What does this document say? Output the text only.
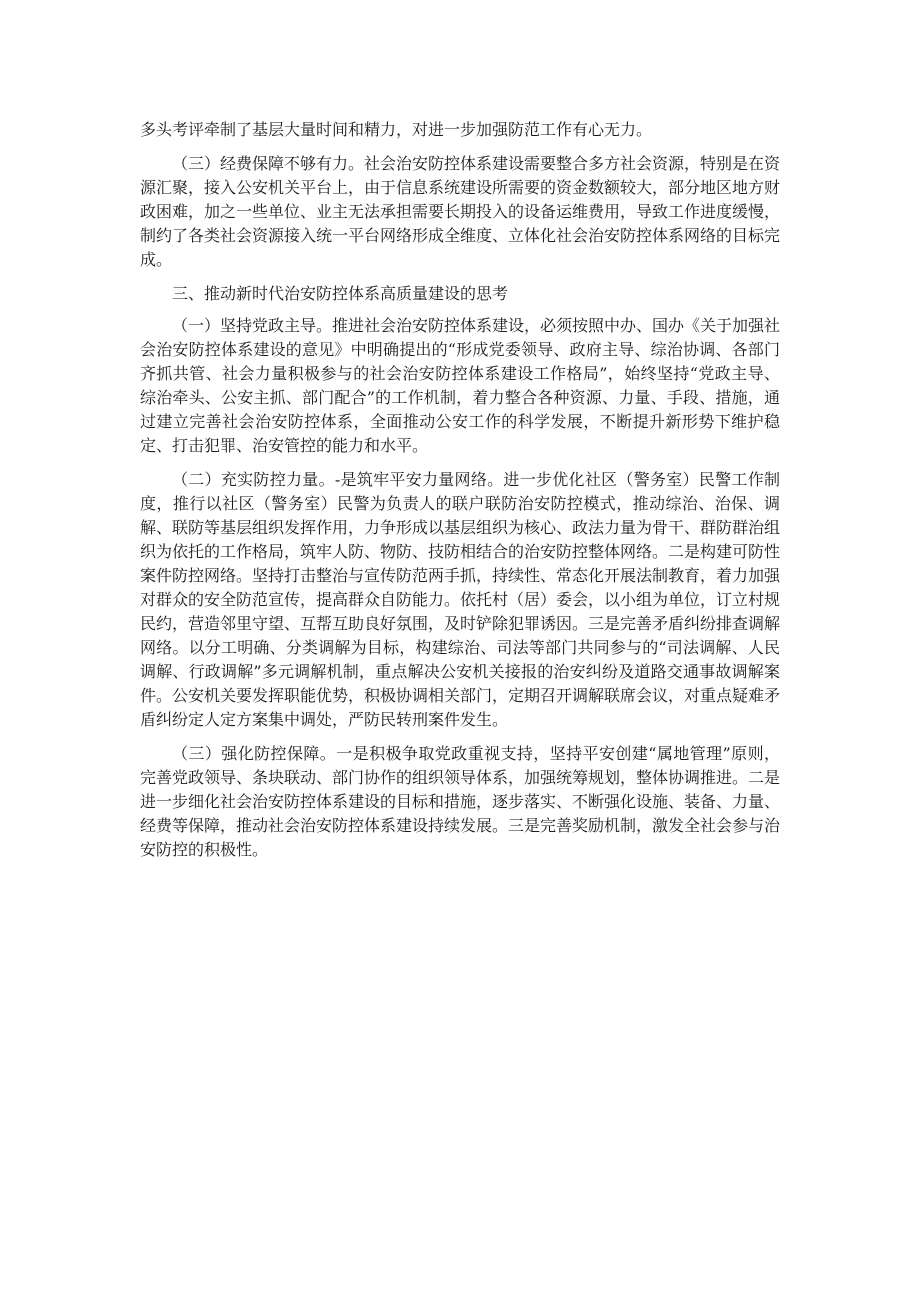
多头考评牵制了基层大量时间和精力，对进一步加强防范工作有心无力。

（三）经费保障不够有力。社会治安防控体系建设需要整合多方社会资源，特别是在资源汇聚，接入公安机关平台上，由于信息系统建设所需要的资金数额较大，部分地区地方财政困难，加之一些单位、业主无法承担需要长期投入的设备运维费用，导致工作进度缓慢，制约了各类社会资源接入统一平台网络形成全维度、立体化社会治安防控体系网络的目标完成。

三、推动新时代治安防控体系高质量建设的思考

（一）坚持党政主导。推进社会治安防控体系建设，必须按照中办、国办《关于加强社会治安防控体系建设的意见》中明确提出的“形成党委领导、政府主导、综治协调、各部门齐抓共管、社会力量积极参与的社会治安防控体系建设工作格局”，始终坚持“党政主导、综治牵头、公安主抓、部门配合”的工作机制，着力整合各种资源、力量、手段、措施，通过建立完善社会治安防控体系，全面推动公安工作的科学发展，不断提升新形势下维护稳定、打击犯罪、治安管控的能力和水平。

（二）充实防控力量。-是筑牢平安力量网络。进一步优化社区（警务室）民警工作制度，推行以社区（警务室）民警为负责人的联户联防治安防控模式，推动综治、治保、调解、联防等基层组织发挥作用，力争形成以基层组织为核心、政法力量为骨干、群防群治组织为依托的工作格局，筑牢人防、物防、技防相结合的治安防控整体网络。二是构建可防性案件防控网络。坚持打击整治与宣传防范两手抓，持续性、常态化开展法制教育，着力加强对群众的安全防范宣传，提高群众自防能力。依托村（居）委会，以小组为单位，订立村规民约，营造邻里守望、互帮互助良好氛围，及时铲除犯罪诱因。三是完善矛盾纠纷排查调解网络。以分工明确、分类调解为目标，构建综治、司法等部门共同参与的“司法调解、人民调解、行政调解”多元调解机制，重点解决公安机关接报的治安纠纷及道路交通事故调解案件。公安机关要发挥职能优势，积极协调相关部门，定期召开调解联席会议，对重点疑难矛盾纠纷定人定方案集中调处，严防民转刑案件发生。

（三）强化防控保障。一是积极争取党政重视支持，坚持平安创建“属地管理”原则，完善党政领导、条块联动、部门协作的组织领导体系，加强统筹规划，整体协调推进。二是进一步细化社会治安防控体系建设的目标和措施，逐步落实、不断强化设施、装备、力量、经费等保障，推动社会治安防控体系建设持续发展。三是完善奖励机制，激发全社会参与治安防控的积极性。
